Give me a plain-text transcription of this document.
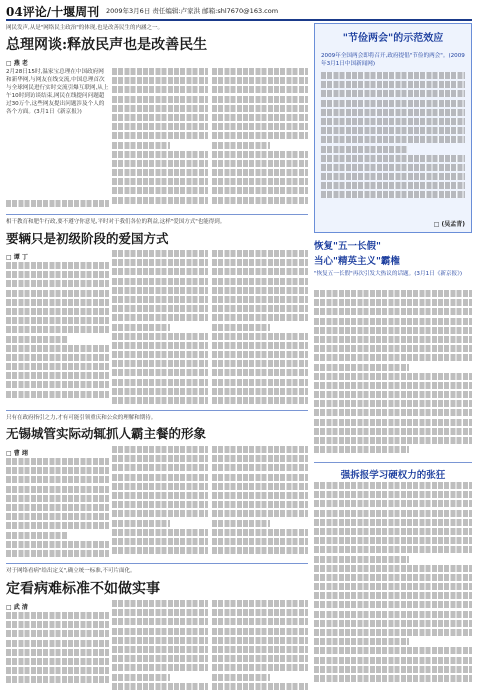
04评论/十堰周刊 2009年3月6日 责任编辑:卢家洪 邮箱:shl7670@163.com
网民发声,从是"网络民主政治"的体现,也是改善民生的内涵之一。
总理网谈:释放民声也是改善民生
□ 燕 老
2月28日15时,温家宝总理在中国政府网和新华网,与网友在线交流,中国总理首次与全球网民进行实时交流引爆互联网,从上午10时到访谈结束,网民在线提问问题超过30万个,这些网友提出问题涉及个人的各个方面。(3月1日《新京报》)
相干教育和肥牛行政,要不遵守你意见,平时对于我们各位的利益,这样"爱国方式"也能得到。
要辆只是初级阶段的爱国方式
□ 谭 丁
只有在政府指引之力,才有可能引领重庆和公众的理解和期待。
无锡城管实际动辄抓人霸主餐的形象
□ 曹 翊
对于网络看病"给出定义",确立统一标准,不可片面化。
定看病难标准不如做实事
□ 武 清
"节俭两会"的示范效应
2009年全国两会即将召开,政府提倡"节俭的两会"。(2009年3月1日中国新闻网)
□ (吴孟青)
恢复"五一长假"
当心"精英主义"霸権
"恢复五一长假"再次引发大热议的话题。(3月1日《新京报》)
强拆报学习硬权力的张狂
